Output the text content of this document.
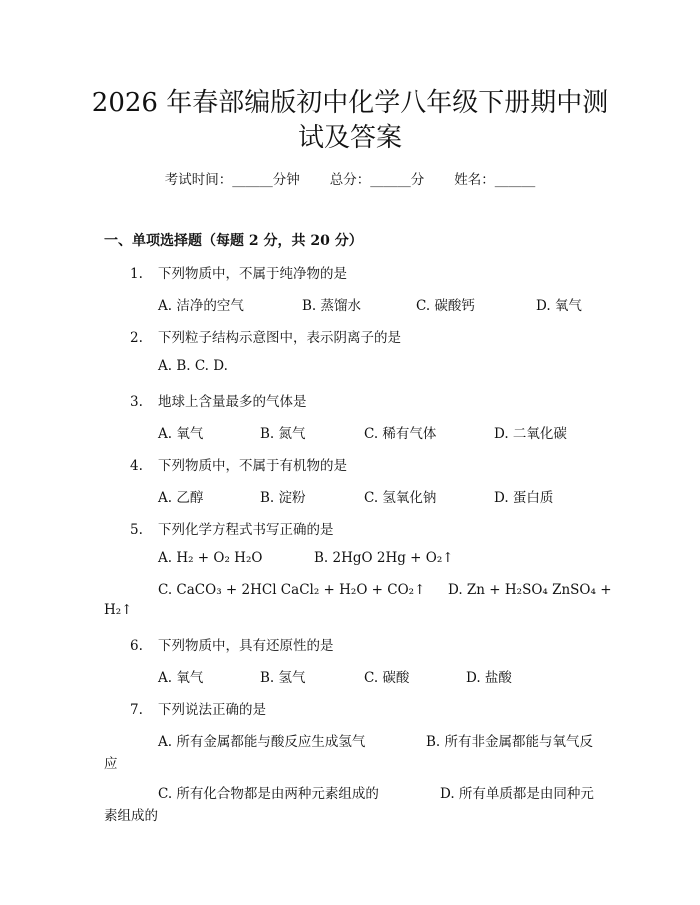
2026 年春部编版初中化学八年级下册期中测
试及答案
考试时间：______分钟 总分：______分 姓名：______
一、单项选择题（每题 2 分，共 20 分）
1. 下列物质中，不属于纯净物的是
A. 洁净的空气	B. 蒸馏水	C. 碳酸钙	D. 氧气
2. 下列粒子结构示意图中，表示阴离子的是
A. B. C. D.
3. 地球上含量最多的气体是
A. 氧气	B. 氮气	C. 稀有气体	D. 二氧化碳
4. 下列物质中，不属于有机物的是
A. 乙醇	B. 淀粉	C. 氢氧化钠	D. 蛋白质
5. 下列化学方程式书写正确的是
A. H₂ + O₂ H₂O	B. 2HgO 2Hg + O₂↑
C. CaCO₃ + 2HCl CaCl₂ + H₂O + CO₂↑ D. Zn + H₂SO₄ ZnSO₄ +
H₂↑
6. 下列物质中，具有还原性的是
A. 氧气	B. 氢气	C. 碳酸	D. 盐酸
7. 下列说法正确的是
A. 所有金属都能与酸反应生成氢气	B. 所有非金属都能与氧气反
应
C. 所有化合物都是由两种元素组成的	D. 所有单质都是由同种元
素组成的
